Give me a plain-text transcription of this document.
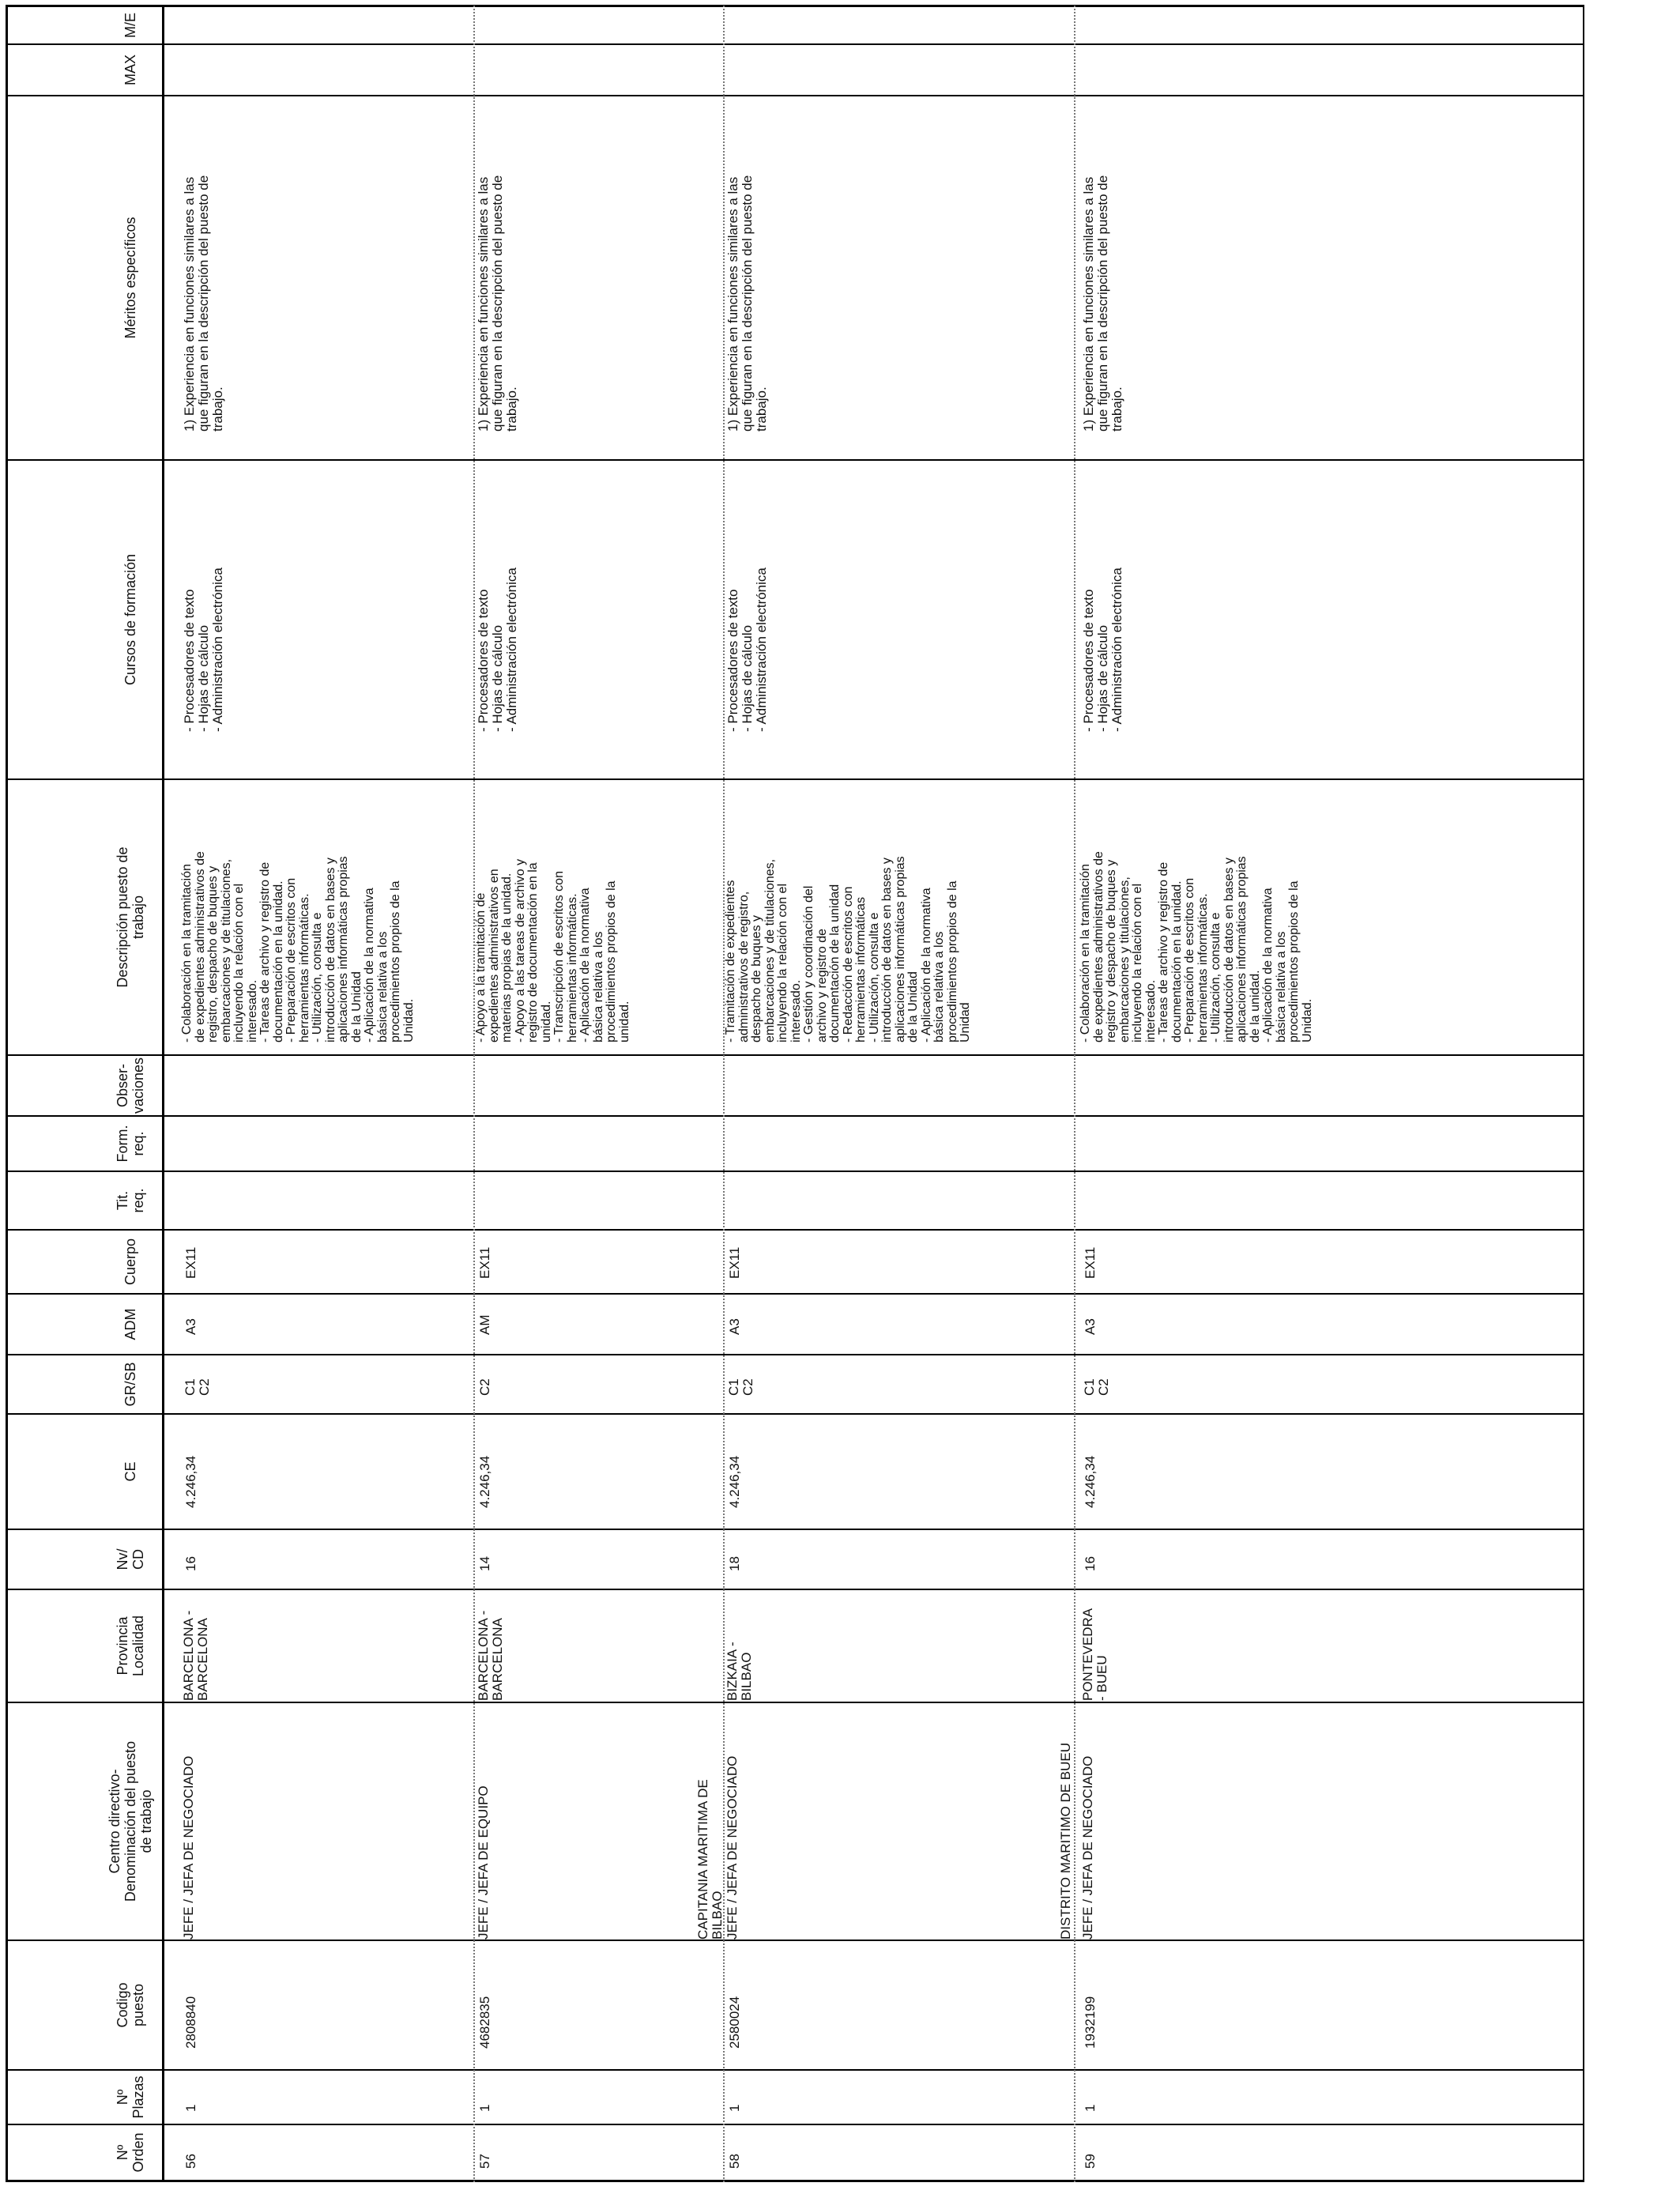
Nº
Orden
Nº
Plazas
Codigo
puesto
Centro directivo-
Denominación del puesto
de trabajo
Provincia
Localidad
Nv/
CD
CE
GR/SB
ADM
Cuerpo
Tit.
req.
Form.
req.
Obser-
vaciones
Descripción puesto de
trabajo
Cursos de formación
Méritos específicos
MAX
M/E
56
1
2808840
JEFE / JEFA DE NEGOCIADO
BARCELONA -
BARCELONA
16
4.246,34
C1
C2
A3
EX11
- Colaboración en la tramitación
de expedientes administrativos de
registro, despacho de buques y
embarcaciones y de titulaciones,
incluyendo la relación con el
interesado.
- Tareas de archivo y registro de
documentación en la unidad.
- Preparación de escritos con
herramientas informáticas.
- Utilización, consulta e
introducción de datos en bases y
aplicaciones informáticas propias
de la Unidad
- Aplicación de la normativa
básica relativa a los
procedimientos propios de la
Unidad.
- Procesadores de texto
- Hojas de cálculo
- Administración electrónica
1) Experiencia en funciones similares a las
que figuran en la descripción del puesto de
trabajo.
57
1
4682835
JEFE / JEFA DE EQUIPO
BARCELONA -
BARCELONA
14
4.246,34
C2
AM
EX11
- Apoyo a la tramitación de
expedientes administrativos en
materias propias de la unidad.
- Apoyo a las tareas de archivo y
registro de documentación en la
unidad.
- Transcripción de escritos con
herramientas informáticas.
- Aplicación de la normativa
básica relativa a los
procedimientos propios de la
unidad.
- Procesadores de texto
- Hojas de cálculo
- Administración electrónica
1) Experiencia en funciones similares a las
que figuran en la descripción del puesto de
trabajo.
58
1
2580024
CAPITANIA MARITIMA DE
BILBAO JEFE / JEFA DE NEGOCIADO
BIZKAIA -
BILBAO
18
4.246,34
C1
C2
A3
EX11
- Tramitación de expedientes
administrativos de registro,
despacho de buques y
embarcaciones y de titulaciones,
incluyendo la relación con el
interesado.
- Gestión y coordinación del
archivo y registro de
documentación de la unidad
- Redacción de escritos con
herramientas informáticas
- Utilización, consulta e
introducción de datos en bases y
aplicaciones informáticas propias
de la Unidad
- Aplicación de la normativa
básica relativa a los
procedimientos propios de la
Unidad
- Procesadores de texto
- Hojas de cálculo
- Administración electrónica
1) Experiencia en funciones similares a las
que figuran en la descripción del puesto de
trabajo.
59
1
1932199
DISTRITO MARITIMO DE BUEU JEFE / JEFA DE NEGOCIADO
PONTEVEDRA
- BUEU
16
4.246,34
C1
C2
A3
EX11
- Colaboración en la tramitación
de expedientes administrativos de
registro y despacho de buques y
embarcaciones y titulaciones,
incluyendo la relación con el
interesado.
- Tareas de archivo y registro de
documentación en la unidad.
- Preparación de escritos con
herramientas informáticas.
- Utilización, consulta e
introducción de datos en bases y
aplicaciones informáticas propias
de la unidad.
- Aplicación de la normativa
básica relativa a los
procedimientos propios de la
Unidad.
- Procesadores de texto
- Hojas de cálculo
- Administración electrónica
1) Experiencia en funciones similares a las
que figuran en la descripción del puesto de
trabajo.
